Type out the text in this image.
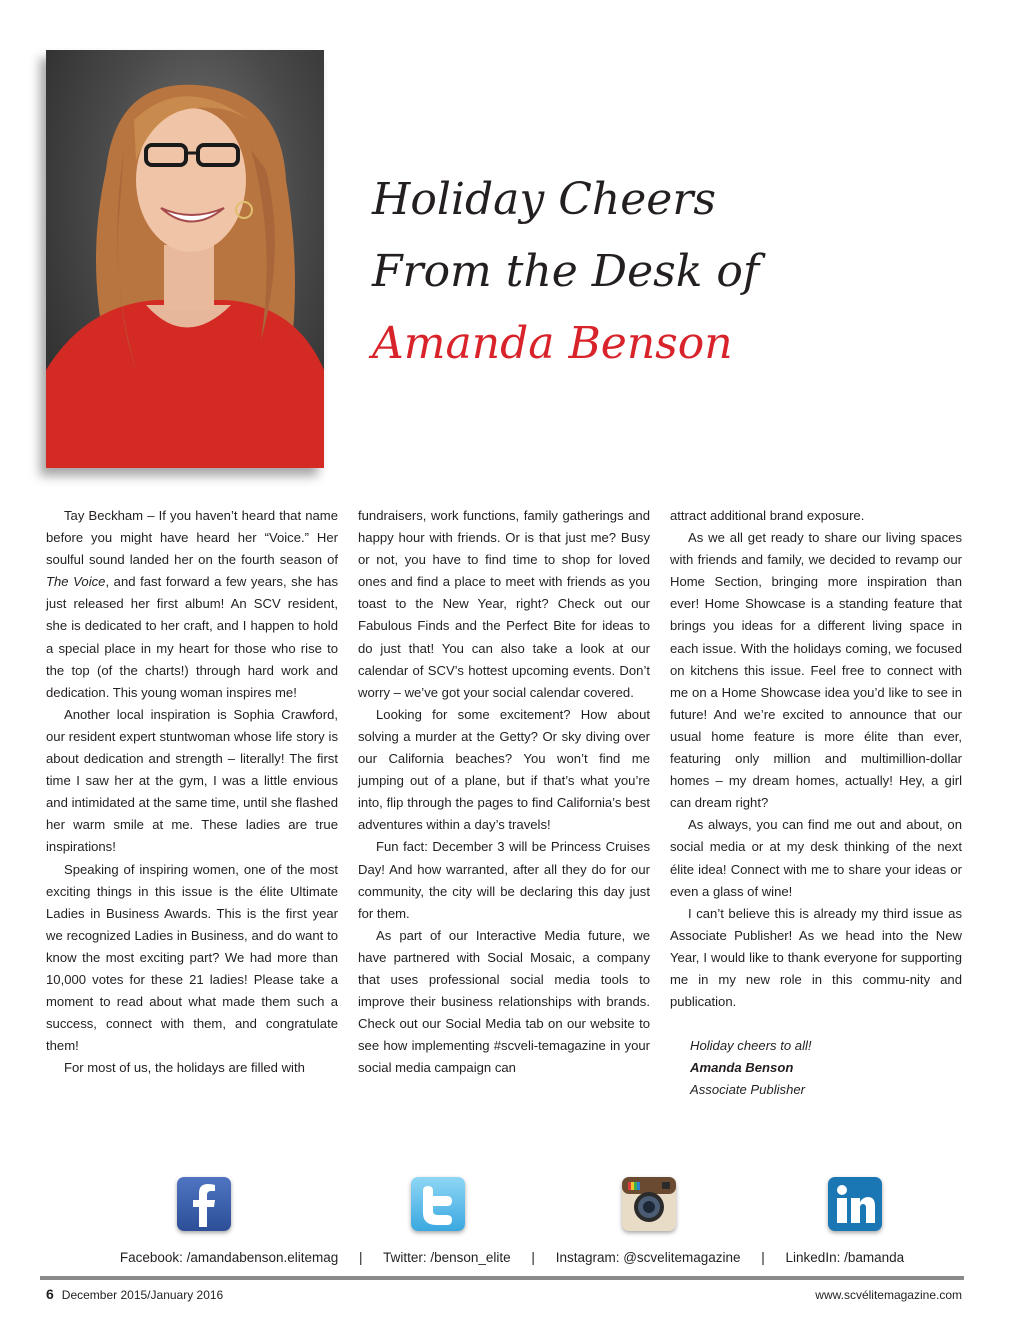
Holiday Cheers
From the Desk of
Amanda Benson

Tay Beckham – If you haven’t heard that name before you might have heard her “Voice.” Her soulful sound landed her on the fourth season of The Voice, and fast forward a few years, she has just released her first album! An SCV resident, she is dedicated to her craft, and I happen to hold a special place in my heart for those who rise to the top (of the charts!) through hard work and dedication. This young woman inspires me!

Another local inspiration is Sophia Crawford, our resident expert stuntwoman whose life story is about dedication and strength – literally! The first time I saw her at the gym, I was a little envious and intimidated at the same time, until she flashed her warm smile at me. These ladies are true inspirations!

Speaking of inspiring women, one of the most exciting things in this issue is the élite Ultimate Ladies in Business Awards. This is the first year we recognized Ladies in Business, and do want to know the most exciting part? We had more than 10,000 votes for these 21 ladies! Please take a moment to read about what made them such a success, connect with them, and congratulate them!

For most of us, the holidays are filled with

fundraisers, work functions, family gatherings and happy hour with friends. Or is that just me? Busy or not, you have to find time to shop for loved ones and find a place to meet with friends as you toast to the New Year, right? Check out our Fabulous Finds and the Perfect Bite for ideas to do just that! You can also take a look at our calendar of SCV’s hottest upcoming events. Don’t worry – we’ve got your social calendar covered.

Looking for some excitement? How about solving a murder at the Getty? Or sky diving over our California beaches? You won’t find me jumping out of a plane, but if that’s what you’re into, flip through the pages to find California’s best adventures within a day’s travels!

Fun fact: December 3 will be Princess Cruises Day! And how warranted, after all they do for our community, the city will be declaring this day just for them.

As part of our Interactive Media future, we have partnered with Social Mosaic, a company that uses professional social media tools to improve their business relationships with brands. Check out our Social Media tab on our website to see how implementing #scveli-temagazine in your social media campaign can

attract additional brand exposure.

As we all get ready to share our living spaces with friends and family, we decided to revamp our Home Section, bringing more inspiration than ever! Home Showcase is a standing feature that brings you ideas for a different living space in each issue. With the holidays coming, we focused on kitchens this issue. Feel free to connect with me on a Home Showcase idea you’d like to see in future! And we’re excited to announce that our usual home feature is more élite than ever, featuring only million and multimillion-dollar homes – my dream homes, actually! Hey, a girl can dream right?

As always, you can find me out and about, on social media or at my desk thinking of the next élite idea! Connect with me to share your ideas or even a glass of wine!

I can’t believe this is already my third issue as Associate Publisher! As we head into the New Year, I would like to thank everyone for supporting me in my new role in this commu-nity and publication.

Holiday cheers to all!
Amanda Benson
Associate Publisher
Facebook: /amandabenson.elitemag | Twitter: /benson_elite | Instagram: @scvelitemagazine | LinkedIn: /bamanda
6 December 2015/January 2016	www.scvélitemagazine.com
